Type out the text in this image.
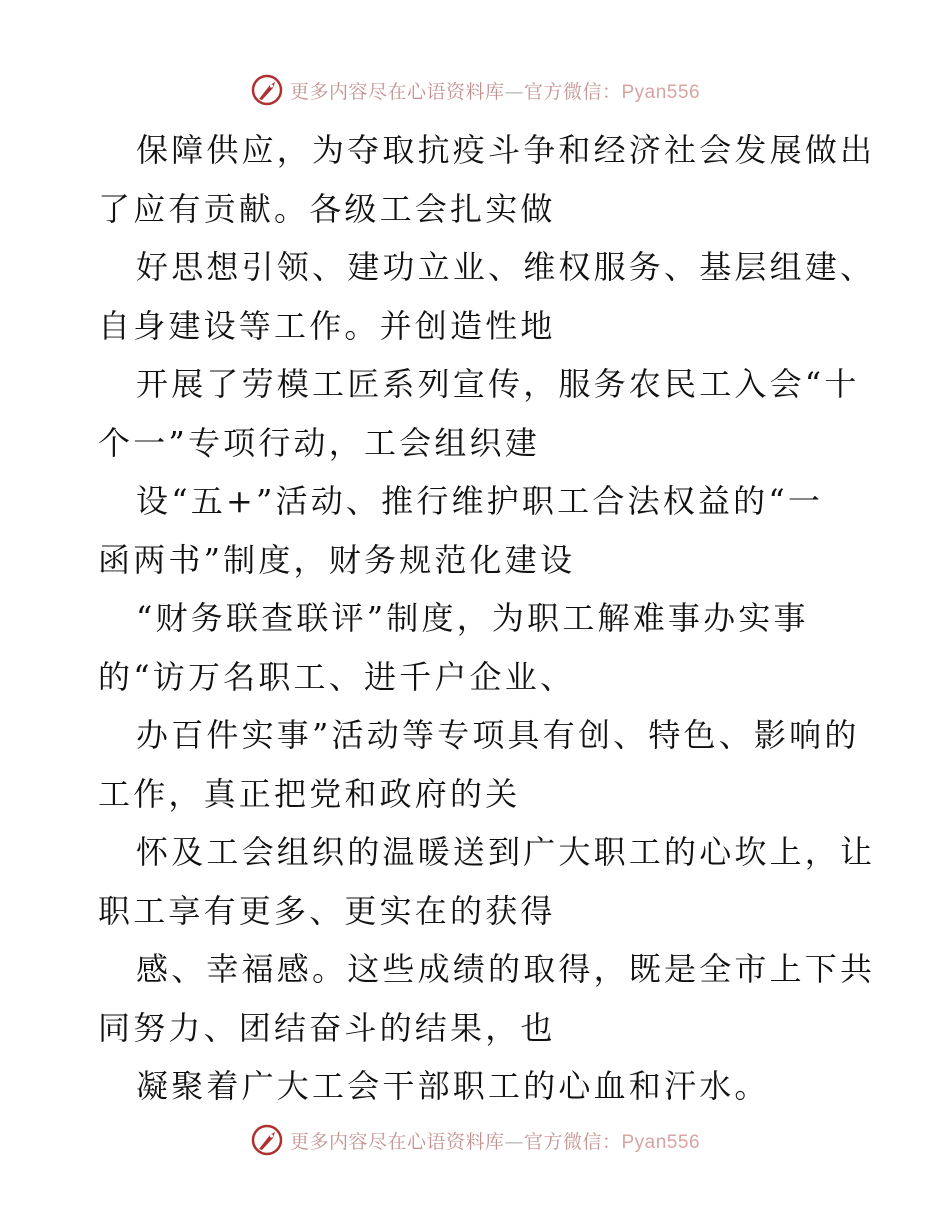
更多内容尽在心语资料库—官方微信：Pyan556
保障供应，为夺取抗疫斗争和经济社会发展做出
了应有贡献。各级工会扎实做
好思想引领、建功立业、维权服务、基层组建、
自身建设等工作。并创造性地
开展了劳模工匠系列宣传，服务农民工入会“十
个一”专项行动，工会组织建
设“五+”活动、推行维护职工合法权益的“一
函两书”制度，财务规范化建设
“财务联查联评”制度，为职工解难事办实事
的“访万名职工、进千户企业、
办百件实事”活动等专项具有创、特色、影响的
工作，真正把党和政府的关
怀及工会组织的温暖送到广大职工的心坎上，让
职工享有更多、更实在的获得
感、幸福感。这些成绩的取得，既是全市上下共
同努力、团结奋斗的结果，也
凝聚着广大工会干部职工的心血和汗水。
更多内容尽在心语资料库—官方微信：Pyan556
